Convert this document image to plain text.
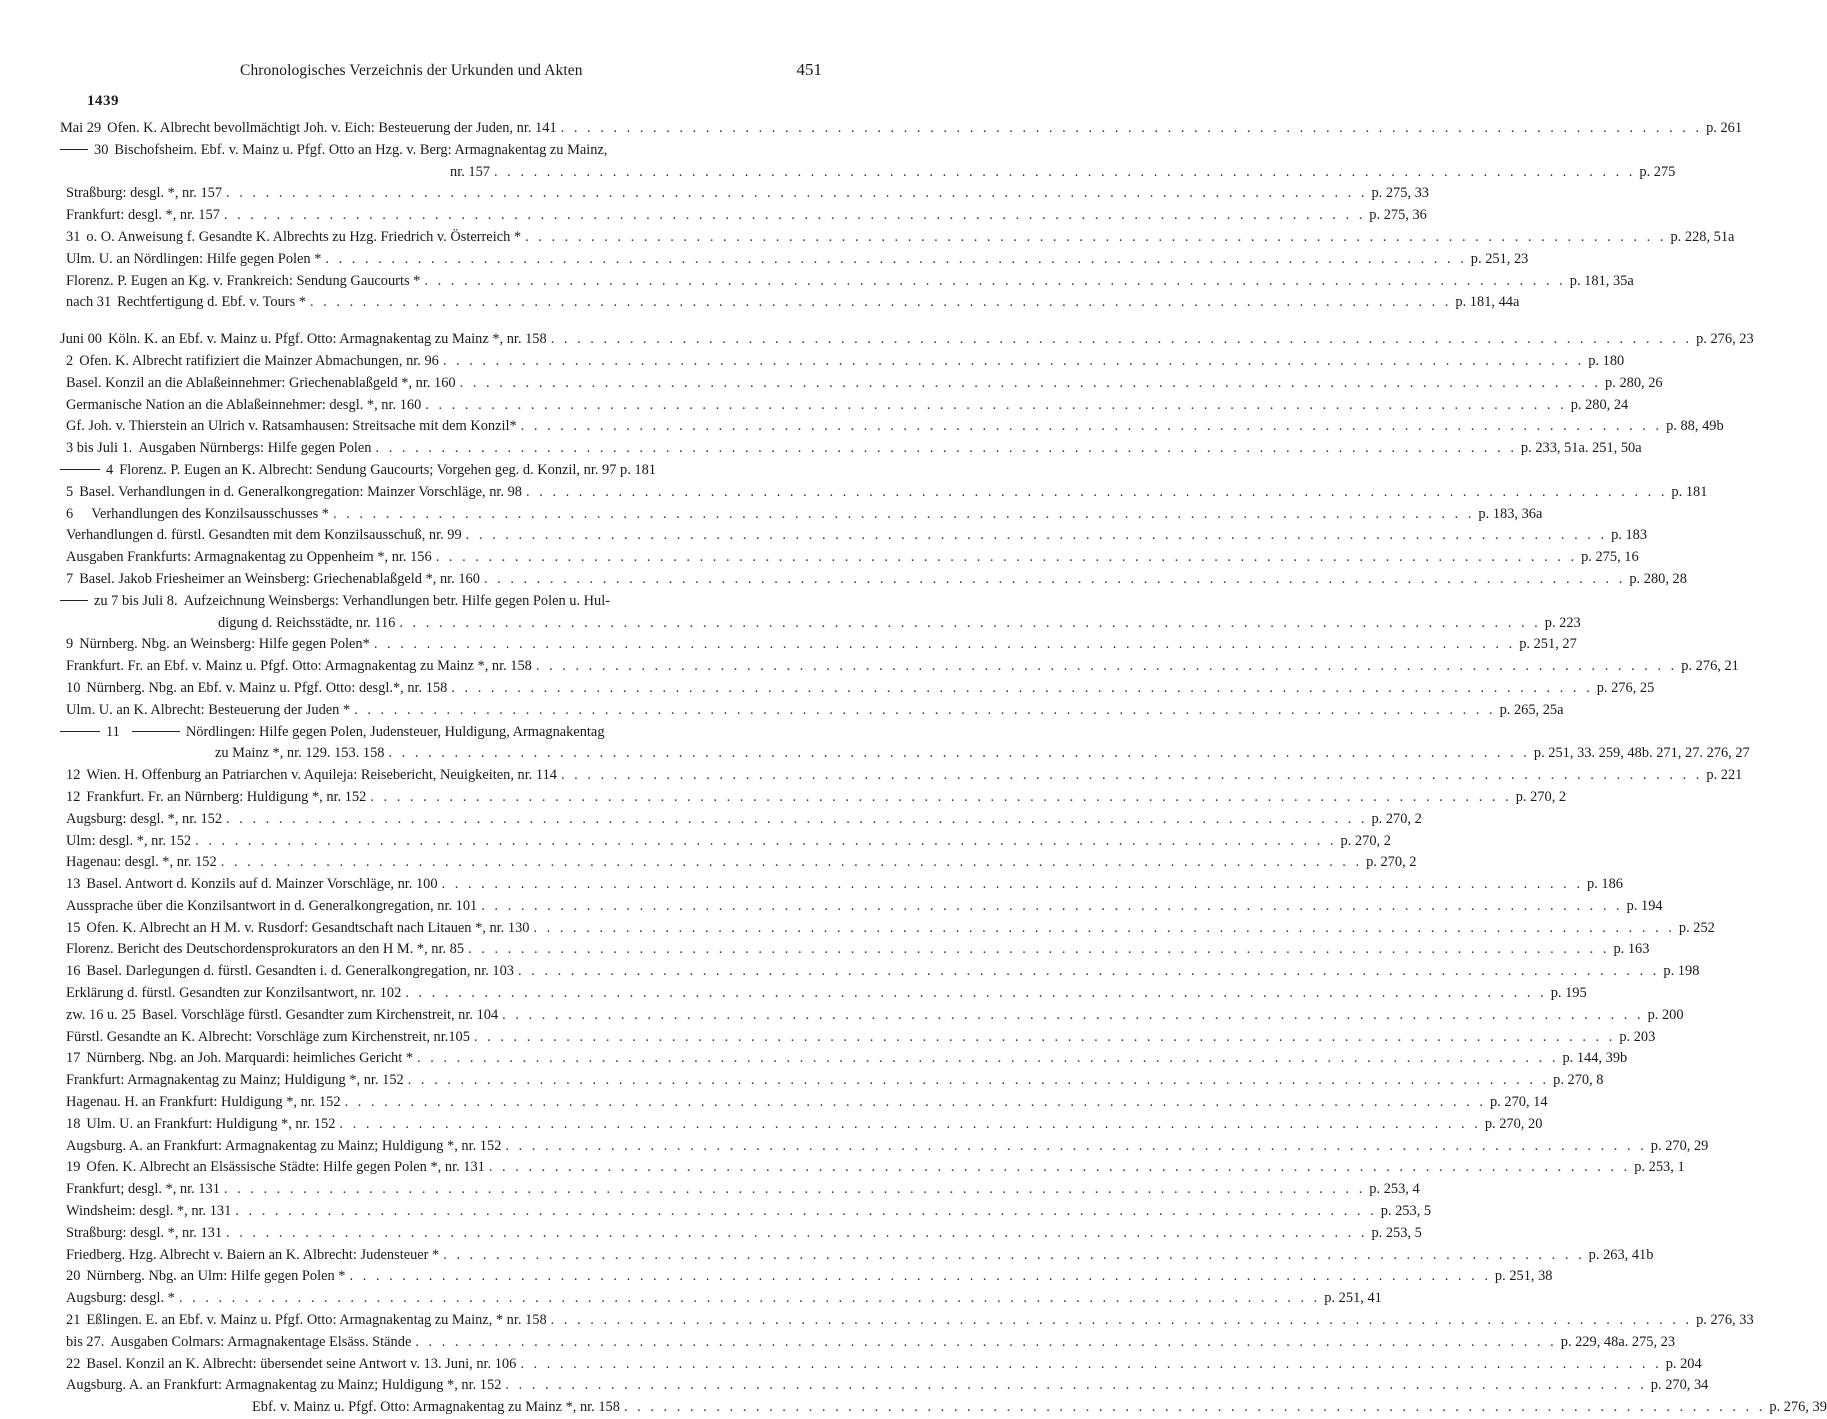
Chronologisches Verzeichnis der Urkunden und Akten	451
1439
Mai 29 Ofen. K. Albrecht bevollmächtigt Joh. v. Eich: Besteuerung der Juden, nr. 141 . . .	p. 261
30 Bischofsheim. Ebf. v. Mainz u. Pfgf. Otto an Hzg. v. Berg: Armagnakentag zu Mainz,
nr. 157 . . .	p. 275
Straßburg: desgl. *, nr. 157 . . .	p. 275, 33
Frankfurt: desgl. *, nr. 157 . . .	p. 275, 36
31 o. O. Anweisung f. Gesandte K. Albrechts zu Hzg. Friedrich v. Österreich * . . .	p. 228, 51a
Ulm. U. an Nördlingen: Hilfe gegen Polen * . . .	p. 251, 23
Florenz. P. Eugen an Kg. v. Frankreich: Sendung Gaucourts * . . .	p. 181, 35a
nach 31 Rechtfertigung d. Ebf. v. Tours * . . .	p. 181, 44a
Juni 00 Köln. K. an Ebf. v. Mainz u. Pfgf. Otto: Armagnakentag zu Mainz *, nr. 158 . . .	p. 276, 23
2 Ofen. K. Albrecht ratifiziert die Mainzer Abmachungen, nr. 96 . . .	p. 180
Basel. Konzil an die Ablaßeinnehmer: Griechenablaßgeld *, nr. 160 . . .	p. 280, 26
Germanische Nation an die Ablaßeinnehmer: desgl. *, nr. 160 . . .	p. 280, 24
Gf. Joh. v. Thierstein an Ulrich v. Ratsamhausen: Streitsache mit dem Konzil* . . .	p. 88, 49b
3 bis Juli 1. Ausgaben Nürnbergs: Hilfe gegen Polen . . .	p. 233, 51a. 251, 50a
4 Florenz. P. Eugen an K. Albrecht: Sendung Gaucourts; Vorgehen geg. d. Konzil, nr. 97 p. 181
5 Basel. Verhandlungen in d. Generalkongregation: Mainzer Vorschläge, nr. 98 . . .	p. 181
6 Verhandlungen des Konzilsausschusses * . . .	p. 183, 36a
Verhandlungen d. fürstl. Gesandten mit dem Konzilsausschuß, nr. 99 . . .	p. 183
Ausgaben Frankfurts: Armagnakentag zu Oppenheim *, nr. 156 . . .	p. 275, 16
7 Basel. Jakob Friesheimer an Weinsberg: Griechenablaßgeld *, nr. 160 . . .	p. 280, 28
zu 7 bis Juli 8. Aufzeichnung Weinsbergs: Verhandlungen betr. Hilfe gegen Polen u. Hul-
digung d. Reichsstädte, nr. 116 . . .	p. 223
9 Nürnberg. Nbg. an Weinsberg: Hilfe gegen Polen* . . .	p. 251, 27
Frankfurt. Fr. an Ebf. v. Mainz u. Pfgf. Otto: Armagnakentag zu Mainz *, nr. 158 . . .	p. 276, 21
10 Nürnberg. Nbg. an Ebf. v. Mainz u. Pfgf. Otto: desgl.*, nr. 158 . . .	p. 276, 25
Ulm. U. an K. Albrecht: Besteuerung der Juden * . . .	p. 265, 25a
11	Nördlingen: Hilfe gegen Polen, Judensteuer, Huldigung, Armagnakentag
zu Mainz *, nr. 129. 153. 158 . . .	p. 251, 33. 259, 48b. 271, 27. 276, 27
12 Wien. H. Offenburg an Patriarchen v. Aquileja: Reisebericht, Neuigkeiten, nr. 114 . . .	p. 221
12 Frankfurt. Fr. an Nürnberg: Huldigung *, nr. 152 . . .	p. 270, 2
Augsburg: desgl. *, nr. 152 . . .	p. 270, 2
Ulm: desgl. *, nr. 152 . . .	p. 270, 2
Hagenau: desgl. *, nr. 152 . . .	p. 270, 2
13 Basel. Antwort d. Konzils auf d. Mainzer Vorschläge, nr. 100 . . .	p. 186
Aussprache über die Konzilsantwort in d. Generalkongregation, nr. 101 . . .	p. 194
15 Ofen. K. Albrecht an H M. v. Rusdorf: Gesandtschaft nach Litauen *, nr. 130 . . .	p. 252
Florenz. Bericht des Deutschordensprokurators an den H M. *, nr. 85 . . .	p. 163
16 Basel. Darlegungen d. fürstl. Gesandten i. d. Generalkongregation, nr. 103 . . .	p. 198
Erklärung d. fürstl. Gesandten zur Konzilsantwort, nr. 102 . . .	p. 195
zw. 16 u. 25 Basel. Vorschläge fürstl. Gesandter zum Kirchenstreit, nr. 104 . . .	p. 200
Fürstl. Gesandte an K. Albrecht: Vorschläge zum Kirchenstreit, nr.105 . . .	p. 203
17 Nürnberg. Nbg. an Joh. Marquardi: heimliches Gericht * . . .	p. 144, 39b
Frankfurt: Armagnakentag zu Mainz; Huldigung *, nr. 152 . . .	p. 270, 8
Hagenau. H. an Frankfurt: Huldigung *, nr. 152 . . .	p. 270, 14
18 Ulm. U. an Frankfurt: Huldigung *, nr. 152 . . .	p. 270, 20
Augsburg. A. an Frankfurt: Armagnakentag zu Mainz; Huldigung *, nr. 152 . . .	p. 270, 29
19 Ofen. K. Albrecht an Elsässische Städte: Hilfe gegen Polen *, nr. 131 . . .	p. 253, 1
Frankfurt; desgl. *, nr. 131 . . .	p. 253, 4
Windsheim: desgl. *, nr. 131 . . .	p. 253, 5
Straßburg: desgl. *, nr. 131 . . .	p. 253, 5
Friedberg. Hzg. Albrecht v. Baiern an K. Albrecht: Judensteuer * . . .	p. 263, 41b
20 Nürnberg. Nbg. an Ulm: Hilfe gegen Polen * . . .	p. 251, 38
Augsburg: desgl. * . . .	p. 251, 41
21 Eßlingen. E. an Ebf. v. Mainz u. Pfgf. Otto: Armagnakentag zu Mainz, * nr. 158 . . .	p. 276, 33
bis 27. Ausgaben Colmars: Armagnakentage Elsäss. Stände . . .	p. 229, 48a. 275, 23
22 Basel. Konzil an K. Albrecht: übersendet seine Antwort v. 13. Juni, nr. 106 . . .	p. 204
Augsburg. A. an Frankfurt: Armagnakentag zu Mainz; Huldigung *, nr. 152 . . .	p. 270, 34
Ebf. v. Mainz u. Pfgf. Otto: Armagnakentag zu Mainz *, nr. 158 . . .	p. 276, 39
